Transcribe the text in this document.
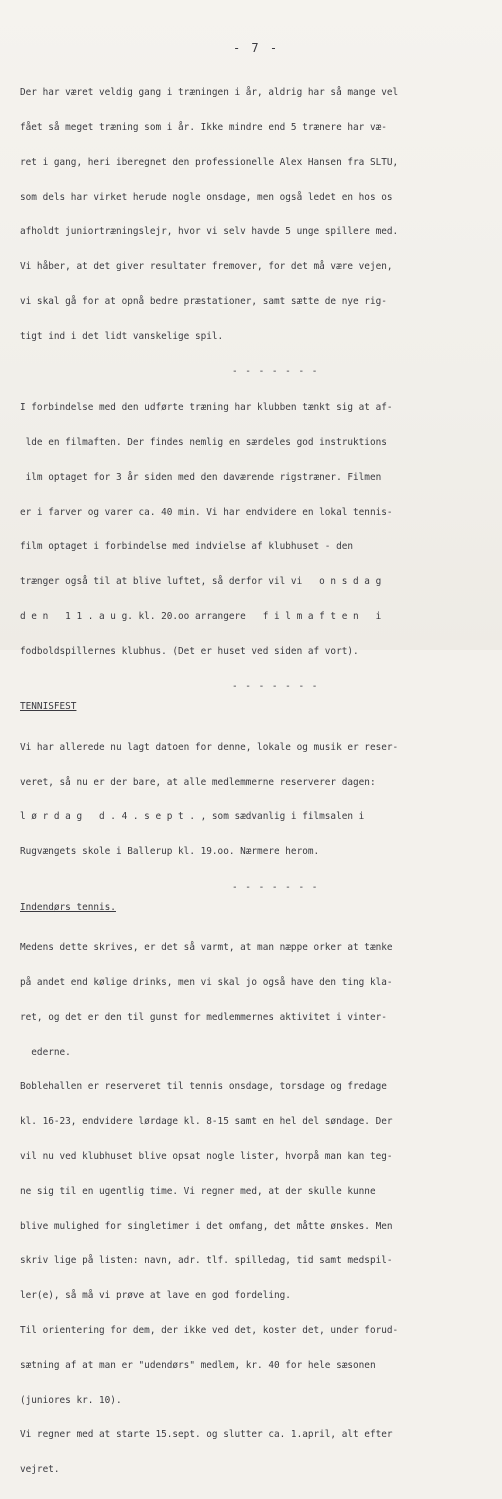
- 7 -

Der har været veldig gang i træningen i år, aldrig har så mange vel

fået så meget træning som i år. Ikke mindre end 5 trænere har væ-

ret i gang, heri iberegnet den professionelle Alex Hansen fra SLTU,

som dels har virket herude nogle onsdage, men også ledet en hos os

afholdt juniortræningslejr, hvor vi selv havde 5 unge spillere med.

Vi håber, at det giver resultater fremover, for det må være vejen,

vi skal gå for at opnå bedre præstationer, samt sætte de nye rig-

tigt ind i det lidt vanskelige spil.

- - - - - - -

I forbindelse med den udførte træning har klubben tænkt sig at af-

lde en filmaften. Der findes nemlig en særdeles god instruktions

ilm optaget for 3 år siden med den daværende rigstræner. Filmen

er i farver og varer ca. 40 min. Vi har endvidere en lokal tennis-

film optaget i forbindelse med indvielse af klubhuset - den

trænger også til at blive luftet, så derfor vil vi   o n s d a g

d e n   1 1 . a u g. kl. 20.oo arrangere   f i l m a f t e n   i

fodboldspillernes klubhus. (Det er huset ved siden af vort).

- - - - - - -
TENNISFEST

Vi har allerede nu lagt datoen for denne, lokale og musik er reser-

veret, så nu er der bare, at alle medlemmerne reserverer dagen:

l ø r d a g   d . 4 . s e p t . , som sædvanlig i filmsalen i

Rugvængets skole i Ballerup kl. 19.oo. Nærmere herom.

- - - - - - -
Indendørs tennis.

Medens dette skrives, er det så varmt, at man næppe orker at tænke

på andet end kølige drinks, men vi skal jo også have den ting kla-

ret, og det er den til gunst for medlemmernes aktivitet i vinter-

ederne.

Boblehallen er reserveret til tennis onsdage, torsdage og fredage

kl. 16-23, endvidere lørdage kl. 8-15 samt en hel del søndage. Der

vil nu ved klubhuset blive opsat nogle lister, hvorpå man kan teg-

ne sig til en ugentlig time. Vi regner med, at der skulle kunne

blive mulighed for singletimer i det omfang, det måtte ønskes. Men

skriv lige på listen: navn, adr. tlf. spilledag, tid samt medspil-

ler(e), så må vi prøve at lave en god fordeling.

Til orientering for dem, der ikke ved det, koster det, under forud-

sætning af at man er "udendørs" medlem, kr. 40 for hele sæsonen

(juniores kr. 10).

Vi regner med at starte 15.sept. og slutter ca. 1.april, alt efter

vejret.
